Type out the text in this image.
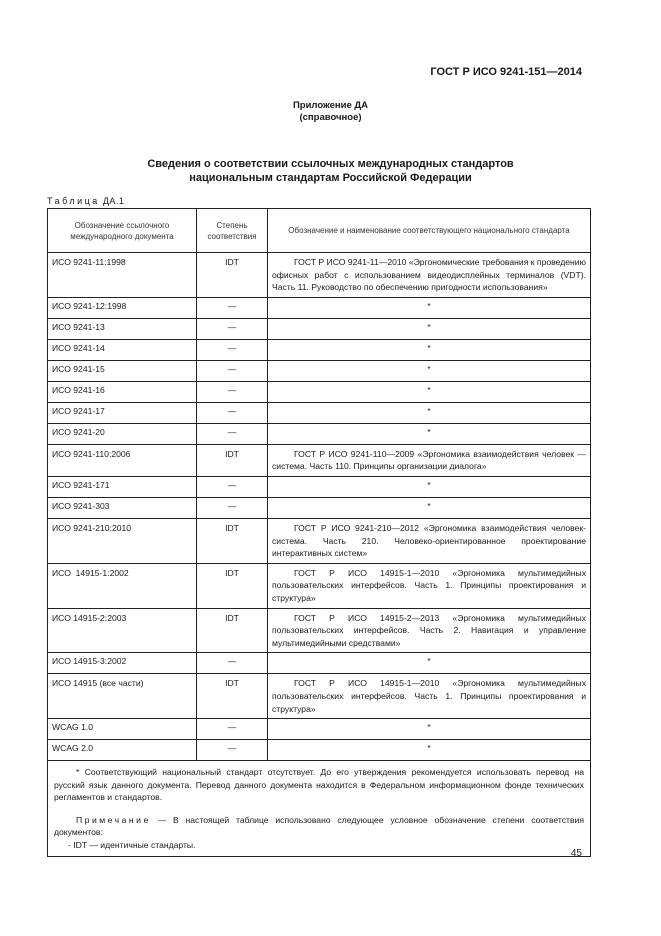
ГОСТ Р ИСО 9241-151—2014
Приложение ДА
(справочное)
Сведения о соответствии ссылочных международных стандартов
национальным стандартам Российской Федерации
Таблица ДА.1
Обозначение ссылочного международного документа	Степень соответствия	Обозначение и наименование соответствующего национального стандарта
ИСО 9241-11:1998	IDT	ГОСТ Р ИСО 9241-11—2010 «Эргономические требования к проведению офисных работ с использованием видеодисплейных терминалов (VDT). Часть 11. Руководство по обеспечению пригодности использования»
ИСО 9241-12:1998	—	*
ИСО 9241-13	—	*
ИСО 9241-14	—	*
ИСО 9241-15	—	*
ИСО 9241-16	—	*
ИСО 9241-17	—	*
ИСО 9241-20	—	*
ИСО 9241-110:2006	IDT	ГОСТ Р ИСО 9241-110—2009 «Эргономика взаимодействия человек — система. Часть 110. Принципы организации диалога»
ИСО 9241-171	—	*
ИСО 9241-303	—	*
ИСО 9241-210:2010	IDT	ГОСТ Р ИСО 9241-210—2012 «Эргономика взаимодействия человек-система. Часть 210. Человеко-ориентированное проектирование интерактивных систем»
ИСО  14915-1:2002	IDT	ГОСТ Р ИСО 14915-1—2010 «Эргономика мультимедийных пользовательских интерфейсов. Часть 1. Принципы проектирования и структура»
ИСО 14915-2:2003	IDT	ГОСТ Р ИСО 14915-2—2013 «Эргономика мультимедийных пользовательских интерфейсов. Часть 2. Навигация и управление мультимедийными средствами»
ИСО 14915-3:2002	—	*
ИСО 14915 (все части)	IDT	ГОСТ Р ИСО 14915-1—2010 «Эргономика мультимедийных пользовательских интерфейсов. Часть 1. Принципы проектирования и структура»
WCAG 1.0	—	*
WCAG 2.0	—	*

* Соответствующий национальный стандарт отсутствует. До его утверждения рекомендуется использовать перевод на русский язык данного документа. Перевод данного документа находится в Федеральном информационном фонде технических регламентов и стандартов.

Примечание — В настоящей таблице использовано следующее условное обозначение степени соответствия документов:

- IDT — идентичные стандарты.		

45
